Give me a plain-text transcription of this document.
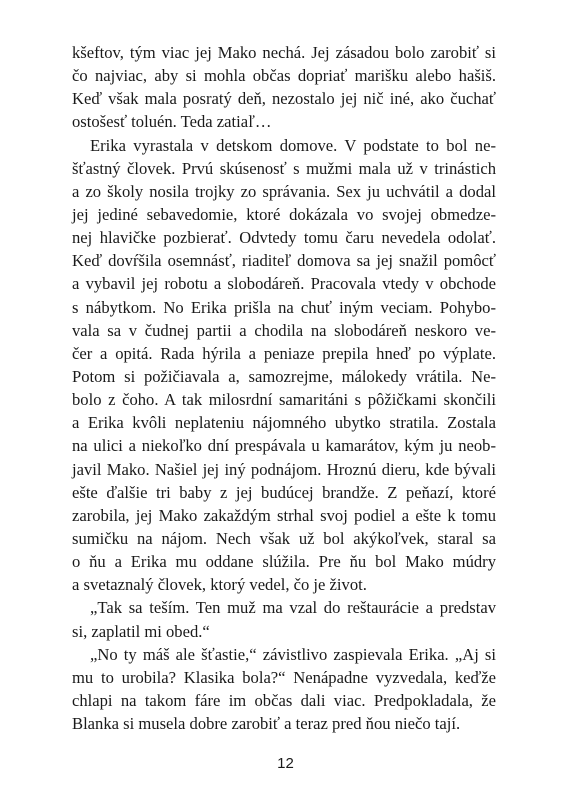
kšeftov, tým viac jej Mako nechá. Jej zásadou bolo zarobiť si
čo najviac, aby si mohla občas dopriať marišku alebo hašiš.
Keď však mala posratý deň, nezostalo jej nič iné, ako čuchať
ostošesť toluén. Teda zatiaľ…
Erika vyrastala v detskom domove. V podstate to bol ne-
šťastný človek. Prvú skúsenosť s mužmi mala už v trinástich
a zo školy nosila trojky zo správania. Sex ju uchvátil a dodal
jej jediné sebavedomie, ktoré dokázala vo svojej obmedze-
nej hlavičke pozbierať. Odvtedy tomu čaru nevedela odolať.
Keď dovŕšila osemnásť, riaditeľ domova sa jej snažil pomôcť
a vybavil jej robotu a slobodáreň. Pracovala vtedy v obchode
s nábytkom. No Erika prišla na chuť iným veciam. Pohybo-
vala sa v čudnej partii a chodila na slobodáreň neskoro ve-
čer a opitá. Rada hýrila a peniaze prepila hneď po výplate.
Potom si požičiavala a, samozrejme, málokedy vrátila. Ne-
bolo z čoho. A tak milosrdní samaritáni s pôžičkami skončili
a Erika kvôli neplateniu nájomného ubytko stratila. Zostala
na ulici a niekoľko dní prespávala u kamarátov, kým ju neob-
javil Mako. Našiel jej iný podnájom. Hroznú dieru, kde bývali
ešte ďalšie tri baby z jej budúcej brandže. Z peňazí, ktoré
zarobila, jej Mako zakaždým strhal svoj podiel a ešte k tomu
sumičku na nájom. Nech však už bol akýkoľvek, staral sa
o ňu a Erika mu oddane slúžila. Pre ňu bol Mako múdry
a svetaznalý človek, ktorý vedel, čo je život.
„Tak sa teším. Ten muž ma vzal do reštaurácie a predstav
si, zaplatil mi obed.“
„No ty máš ale šťastie,“ závistlivo zaspievala Erika. „Aj si
mu to urobila? Klasika bola?“ Nenápadne vyzvedala, keďže
chlapi na takom fáre im občas dali viac. Predpokladala, že
Blanka si musela dobre zarobiť a teraz pred ňou niečo tají.
12
